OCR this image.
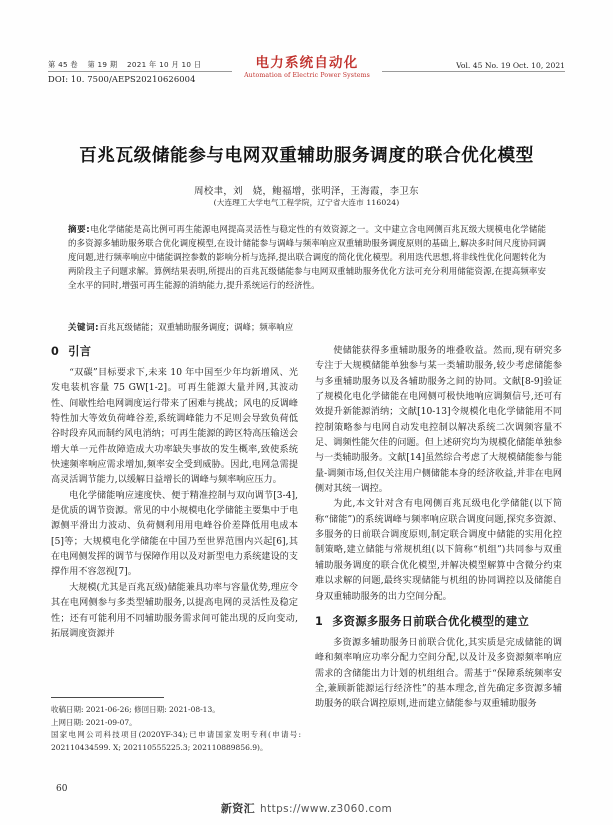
第 45 卷 第 19 期 2021 年 10 月 10 日
DOI: 10. 7500/AEPS20210626004
电力系统自动化
Automation of Electric Power Systems
Vol. 45 No. 19 Oct. 10, 2021
百兆瓦级储能参与电网双重辅助服务调度的联合优化模型
周校聿，刘　娆，鲍福增，张明泽，王海霞，李卫东
(大连理工大学电气工程学院，辽宁省大连市 116024)
摘要:电化学储能是高比例可再生能源电网提高灵活性与稳定性的有效资源之一。文中建立含电网侧百兆瓦级大规模电化学储能的多资源多辅助服务联合优化调度模型,在设计储能参与调峰与频率响应双重辅助服务调度原则的基础上,解决多时间尺度协同调度问题,进行频率响应中储能调控参数的影响分析与选择,提出联合调度的简化优化模型。利用迭代思想,将非线性优化问题转化为两阶段主子问题求解。算例结果表明,所提出的百兆瓦级储能参与电网双重辅助服务优化方法可充分利用储能资源,在提高频率安全水平的同时,增强可再生能源的消纳能力,提升系统运行的经济性。
关键词:百兆瓦级储能；双重辅助服务调度；调峰；频率响应
0 引言

“双碳”目标要求下,未来 10 年中国至少年均新增风、光发电装机容量 75 GW[1-2]。可再生能源大量并网,其波动性、间歇性给电网调度运行带来了困难与挑战；风电的反调峰特性加大等效负荷峰谷差,系统调峰能力不足则会导致负荷低谷时段弃风而制约风电消纳；可再生能源的跨区特高压输送会增大单一元件故障造成大功率缺失事故的发生概率,致使系统快速频率响应需求增加,频率安全受到威胁。因此,电网急需提高灵活调节能力,以缓解日益增长的调峰与频率响应压力。

电化学储能响应速度快、便于精准控制与双向调节[3-4],是优质的调节资源。常见的中小规模电化学储能主要集中于电源侧平滑出力波动、负荷侧利用用电峰谷价差降低用电成本[5]等；大规模电化学储能在中国乃至世界范围内兴起[6],其在电网侧发挥的调节与保障作用以及对新型电力系统建设的支撑作用不容忽视[7]。

大规模(尤其是百兆瓦级)储能兼具功率与容量优势,理应令其在电网侧参与多类型辅助服务,以提高电网的灵活性及稳定性；还有可能利用不同辅助服务需求间可能出现的反向变动,拓展调度资源并

使储能获得多重辅助服务的堆叠收益。然而,现有研究多专注于大规模储能单独参与某一类辅助服务,较少考虑储能参与多重辅助服务以及各辅助服务之间的协同。文献[8-9]验证了规模化电化学储能在电网侧可极快地响应调频信号,还可有效提升新能源消纳；文献[10-13]令规模化电化学储能用不同控制策略参与电网自动发电控制以解决系统二次调频容量不足、调频性能欠佳的问题。但上述研究均为规模化储能单独参与一类辅助服务。文献[14]虽然综合考虑了大规模储能参与能量-调频市场,但仅关注用户侧储能本身的经济收益,并非在电网侧对其统一调控。

为此,本文针对含有电网侧百兆瓦级电化学储能(以下简称“储能”)的系统调峰与频率响应联合调度问题,探究多资源、多服务的日前联合调度原则,制定联合调度中储能的实用化控制策略,建立储能与常规机组(以下简称“机组”)共同参与双重辅助服务调度的联合优化模型,并解决模型解算中含微分约束难以求解的问题,最终实现储能与机组的协同调控以及储能自身双重辅助服务的出力空间分配。

1 多资源多服务日前联合优化模型的建立

多资源多辅助服务日前联合优化,其实质是完成储能的调峰和频率响应功率分配力空间分配,以及计及多资源频率响应需求的含储能出力计划的机组组合。需基于“保障系统频率安全,兼顾新能源运行经济性”的基本理念,首先确定多资源多辅助服务的联合调控原则,进而建立储能参与双重辅助服务

收稿日期: 2021-06-26; 修回日期: 2021-08-13。
上网日期: 2021-09-07。
国家电网公司科技项目(2020YF-34);已申请国家发明专利(申请号: 202110434599. X; 202110555225.3; 202110889856.9)。
60
新资汇 https://www.z3060.com
